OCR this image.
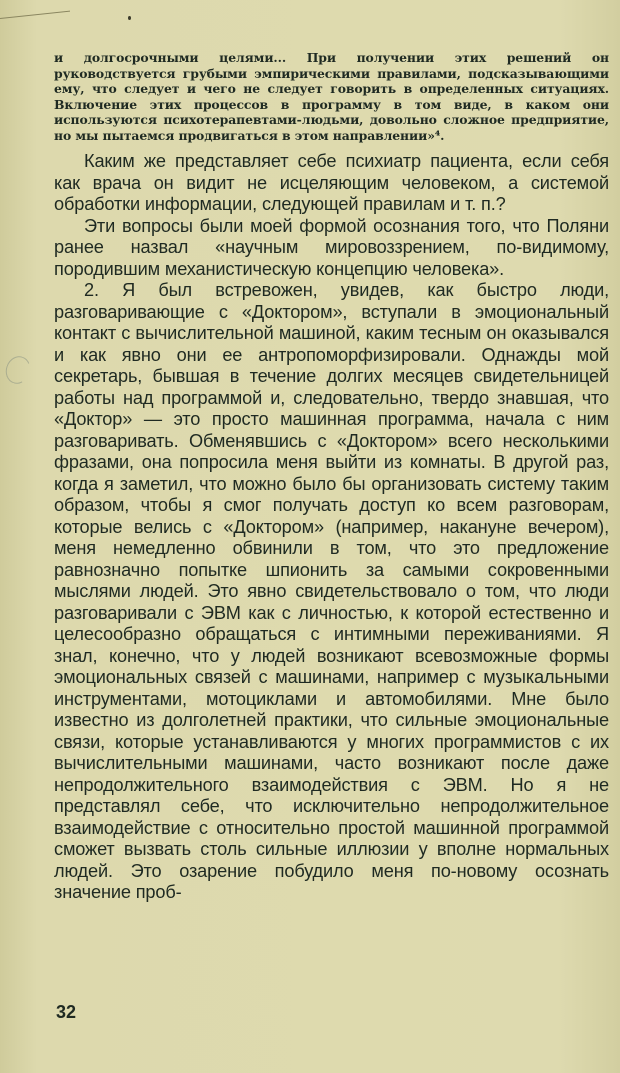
и долгосрочными целями... При получении этих решений он руководствуется грубыми эмпирическими правилами, подсказывающими ему, что следует и чего не следует говорить в определенных ситуациях. Включение этих процессов в программу в том виде, в каком они используются психотерапевтами-людьми, довольно сложное предприятие, но мы пытаемся продвигаться в этом направлении»⁴.

Каким же представляет себе психиатр пациента, если себя как врача он видит не исцеляющим человеком, а системой обработки информации, следующей правилам и т. п.?

Эти вопросы были моей формой осознания того, что Поляни ранее назвал «научным мировоззрением, по-видимому, породившим механистическую концепцию человека».

2. Я был встревожен, увидев, как быстро люди, разговаривающие с «Доктором», вступали в эмоциональный контакт с вычислительной машиной, каким тесным он оказывался и как явно они ее антропоморфизировали. Однажды мой секретарь, бывшая в течение долгих месяцев свидетельницей работы над программой и, следовательно, твердо знавшая, что «Доктор» — это просто машинная программа, начала с ним разговаривать. Обменявшись с «Доктором» всего несколькими фразами, она попросила меня выйти из комнаты. В другой раз, когда я заметил, что можно было бы организовать систему таким образом, чтобы я смог получать доступ ко всем разговорам, которые велись с «Доктором» (например, накануне вечером), меня немедленно обвинили в том, что это предложение равнозначно попытке шпионить за самыми сокровенными мыслями людей. Это явно свидетельствовало о том, что люди разговаривали с ЭВМ как с личностью, к которой естественно и целесообразно обращаться с интимными переживаниями. Я знал, конечно, что у людей возникают всевозможные формы эмоциональных связей с машинами, например с музыкальными инструментами, мотоциклами и автомобилями. Мне было известно из долголетней практики, что сильные эмоциональные связи, которые устанавливаются у многих программистов с их вычислительными машинами, часто возникают после даже непродолжительного взаимодействия с ЭВМ. Но я не представлял себе, что исключительно непродолжительное взаимодействие с относительно простой машинной программой сможет вызвать столь сильные иллюзии у вполне нормальных людей. Это озарение побудило меня по-новому осознать значение проб-

32
